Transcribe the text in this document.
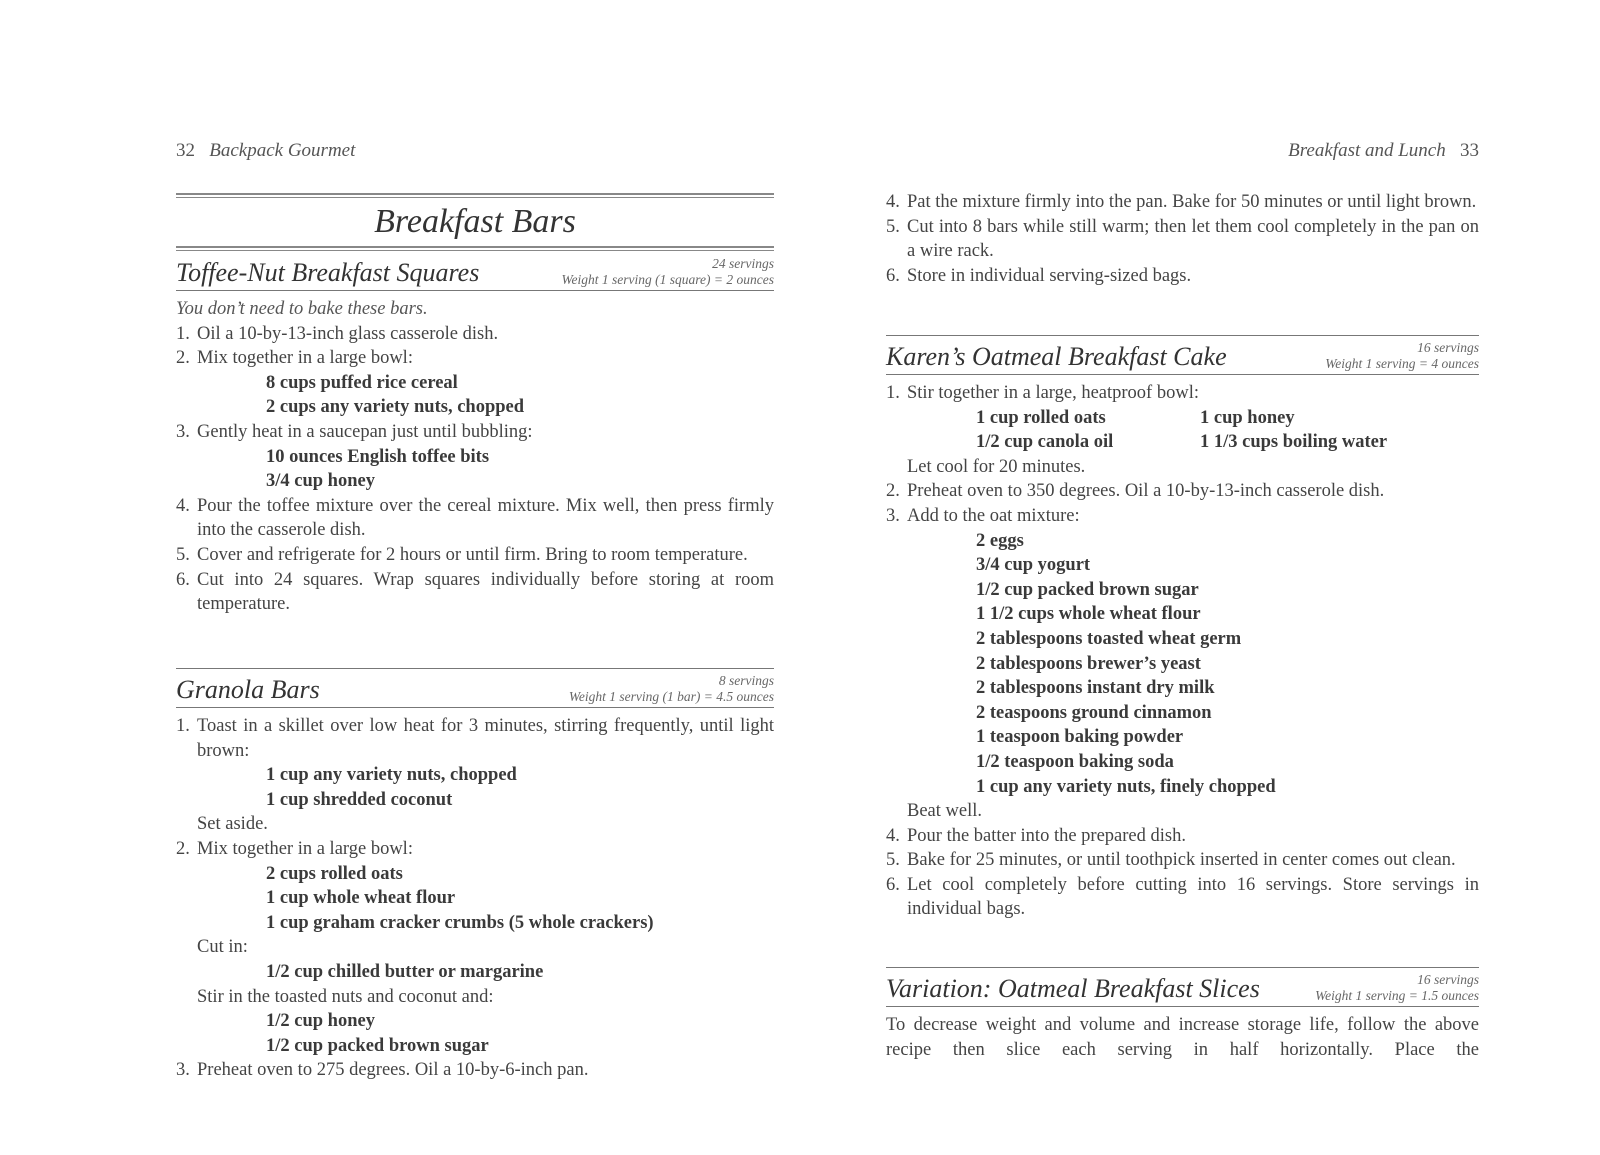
32 Backpack Gourmet
Breakfast Bars
Toffee-Nut Breakfast Squares	24 servings
Weight 1 serving (1 square) = 2 ounces
You don’t need to bake these bars.
1. Oil a 10-by-13-inch glass casserole dish.
2. Mix together in a large bowl:
8 cups puffed rice cereal
2 cups any variety nuts, chopped
3. Gently heat in a saucepan just until bubbling:
10 ounces English toffee bits
3/4 cup honey
4. Pour the toffee mixture over the cereal mixture. Mix well, then press firmly into the casserole dish.
5. Cover and refrigerate for 2 hours or until firm. Bring to room temperature.
6. Cut into 24 squares. Wrap squares individually before storing at room temperature.
Granola Bars	8 servings
Weight 1 serving (1 bar) = 4.5 ounces
1. Toast in a skillet over low heat for 3 minutes, stirring frequently, until light brown:
1 cup any variety nuts, chopped
1 cup shredded coconut
Set aside.
2. Mix together in a large bowl:
2 cups rolled oats
1 cup whole wheat flour
1 cup graham cracker crumbs (5 whole crackers)
Cut in:
1/2 cup chilled butter or margarine
Stir in the toasted nuts and coconut and:
1/2 cup honey
1/2 cup packed brown sugar
3. Preheat oven to 275 degrees. Oil a 10-by-6-inch pan.
Breakfast and Lunch 33
4. Pat the mixture firmly into the pan. Bake for 50 minutes or until light brown.
5. Cut into 8 bars while still warm; then let them cool completely in the pan on a wire rack.
6. Store in individual serving-sized bags.
Karen’s Oatmeal Breakfast Cake	16 servings
Weight 1 serving = 4 ounces
1. Stir together in a large, heatproof bowl:
1 cup rolled oats	1 cup honey
1/2 cup canola oil	1 1/3 cups boiling water
Let cool for 20 minutes.
2. Preheat oven to 350 degrees. Oil a 10-by-13-inch casserole dish.
3. Add to the oat mixture:
2 eggs
3/4 cup yogurt
1/2 cup packed brown sugar
1 1/2 cups whole wheat flour
2 tablespoons toasted wheat germ
2 tablespoons brewer’s yeast
2 tablespoons instant dry milk
2 teaspoons ground cinnamon
1 teaspoon baking powder
1/2 teaspoon baking soda
1 cup any variety nuts, finely chopped
Beat well.
4. Pour the batter into the prepared dish.
5. Bake for 25 minutes, or until toothpick inserted in center comes out clean.
6. Let cool completely before cutting into 16 servings. Store servings in individual bags.
Variation: Oatmeal Breakfast Slices	16 servings
Weight 1 serving = 1.5 ounces
To decrease weight and volume and increase storage life, follow the above recipe then slice each serving in half horizontally. Place the
